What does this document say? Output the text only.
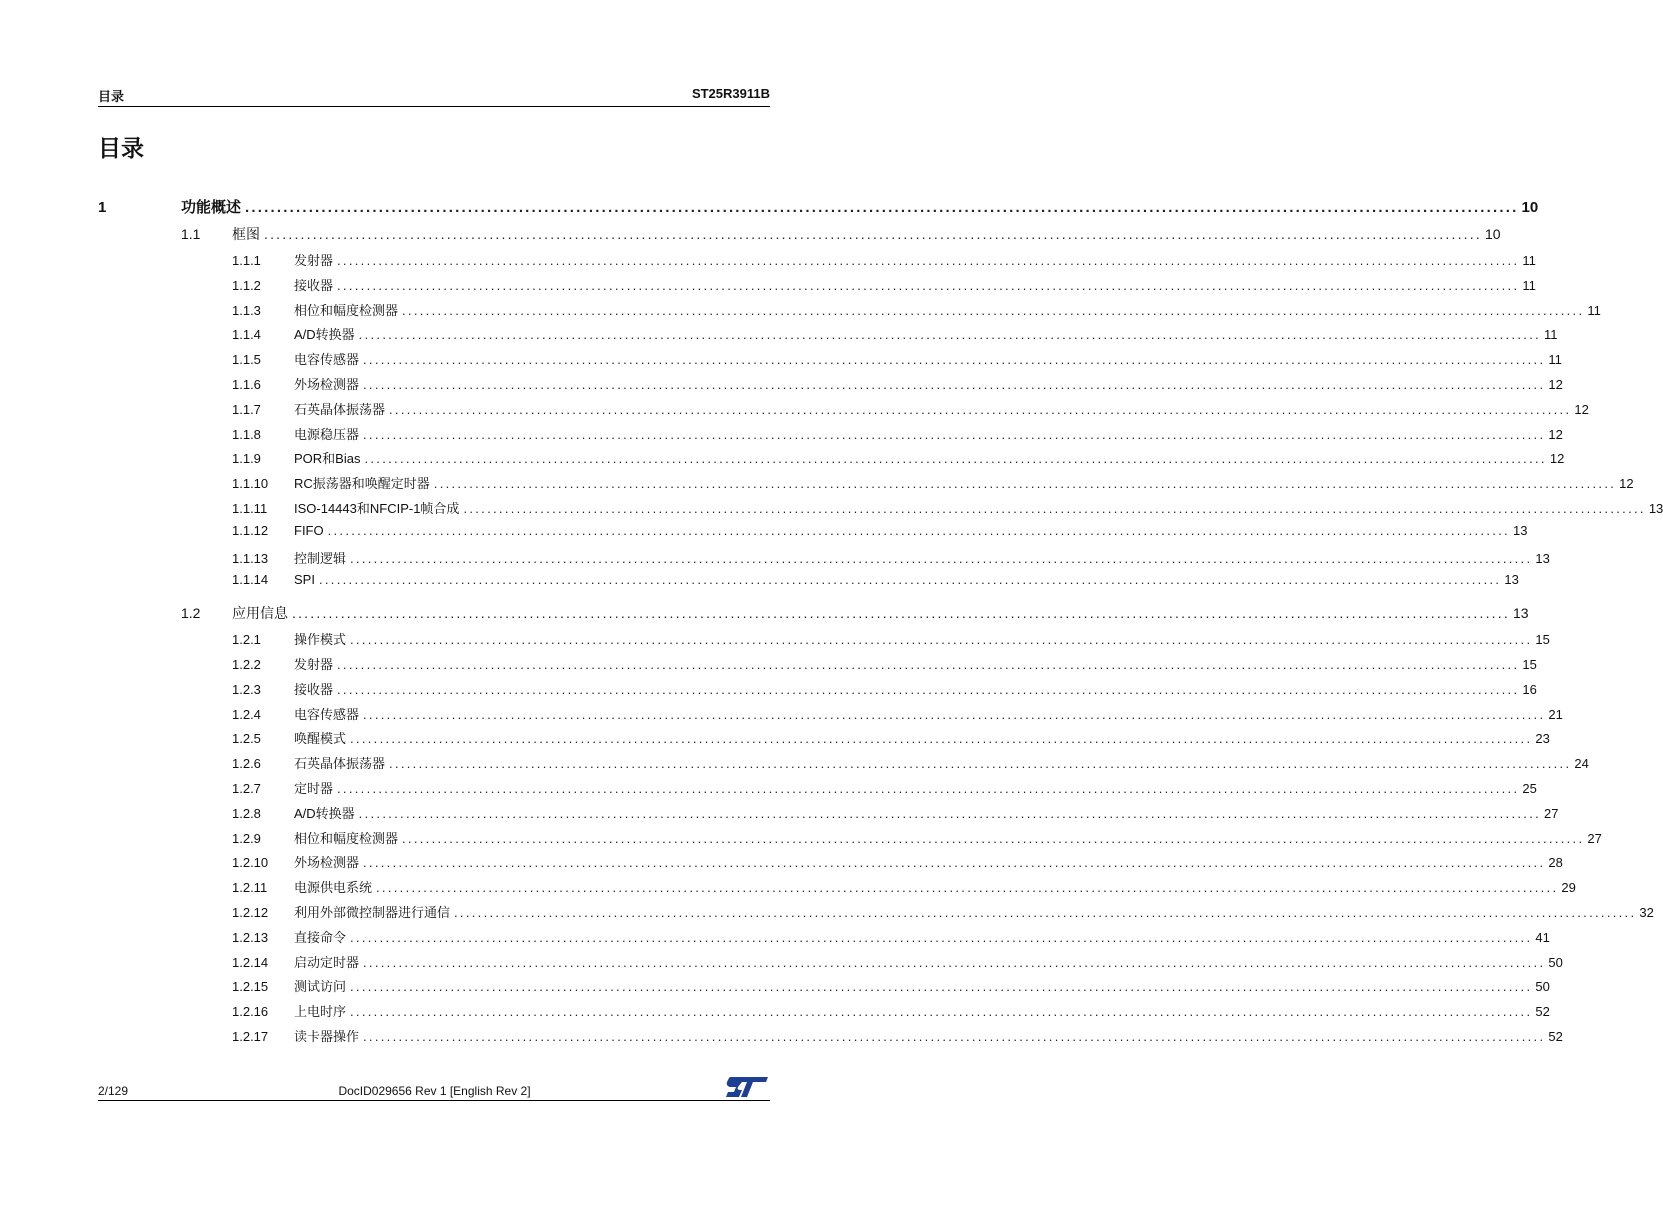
目录	ST25R3911B
目录
1	功能概述 ........................................................................................................................................................................................................ 10
1.1	框图 ........................................................................................................................................................................................................ 10
1.1.1	发射器 ........................................................................................................................................................................................................ 11
1.1.2	接收器 ........................................................................................................................................................................................................ 11
1.1.3	相位和幅度检测器 ........................................................................................................................................................................................................ 11
1.1.4	A/D转换器 ........................................................................................................................................................................................................ 11
1.1.5	电容传感器 ........................................................................................................................................................................................................ 11
1.1.6	外场检测器 ........................................................................................................................................................................................................ 12
1.1.7	石英晶体振荡器 ........................................................................................................................................................................................................ 12
1.1.8	电源稳压器 ........................................................................................................................................................................................................ 12
1.1.9	POR和Bias ........................................................................................................................................................................................................ 12
1.1.10	RC振荡器和唤醒定时器 ........................................................................................................................................................................................................ 12
1.1.11	ISO-14443和NFCIP-1帧合成 ........................................................................................................................................................................................................ 13
1.1.12	FIFO ........................................................................................................................................................................................................ 13
1.1.13	控制逻辑 ........................................................................................................................................................................................................ 13
1.1.14	SPI ........................................................................................................................................................................................................ 13
1.2	应用信息 ........................................................................................................................................................................................................ 13
1.2.1	操作模式 ........................................................................................................................................................................................................ 15
1.2.2	发射器 ........................................................................................................................................................................................................ 15
1.2.3	接收器 ........................................................................................................................................................................................................ 16
1.2.4	电容传感器 ........................................................................................................................................................................................................ 21
1.2.5	唤醒模式 ........................................................................................................................................................................................................ 23
1.2.6	石英晶体振荡器 ........................................................................................................................................................................................................ 24
1.2.7	定时器 ........................................................................................................................................................................................................ 25
1.2.8	A/D转换器 ........................................................................................................................................................................................................ 27
1.2.9	相位和幅度检测器 ........................................................................................................................................................................................................ 27
1.2.10	外场检测器 ........................................................................................................................................................................................................ 28
1.2.11	电源供电系统 ........................................................................................................................................................................................................ 29
1.2.12	利用外部微控制器进行通信 ........................................................................................................................................................................................................ 32
1.2.13	直接命令 ........................................................................................................................................................................................................ 41
1.2.14	启动定时器 ........................................................................................................................................................................................................ 50
1.2.15	测试访问 ........................................................................................................................................................................................................ 50
1.2.16	上电时序 ........................................................................................................................................................................................................ 52
1.2.17	读卡器操作 ........................................................................................................................................................................................................ 52
2/129	DocID029656 Rev 1 [English Rev 2]
